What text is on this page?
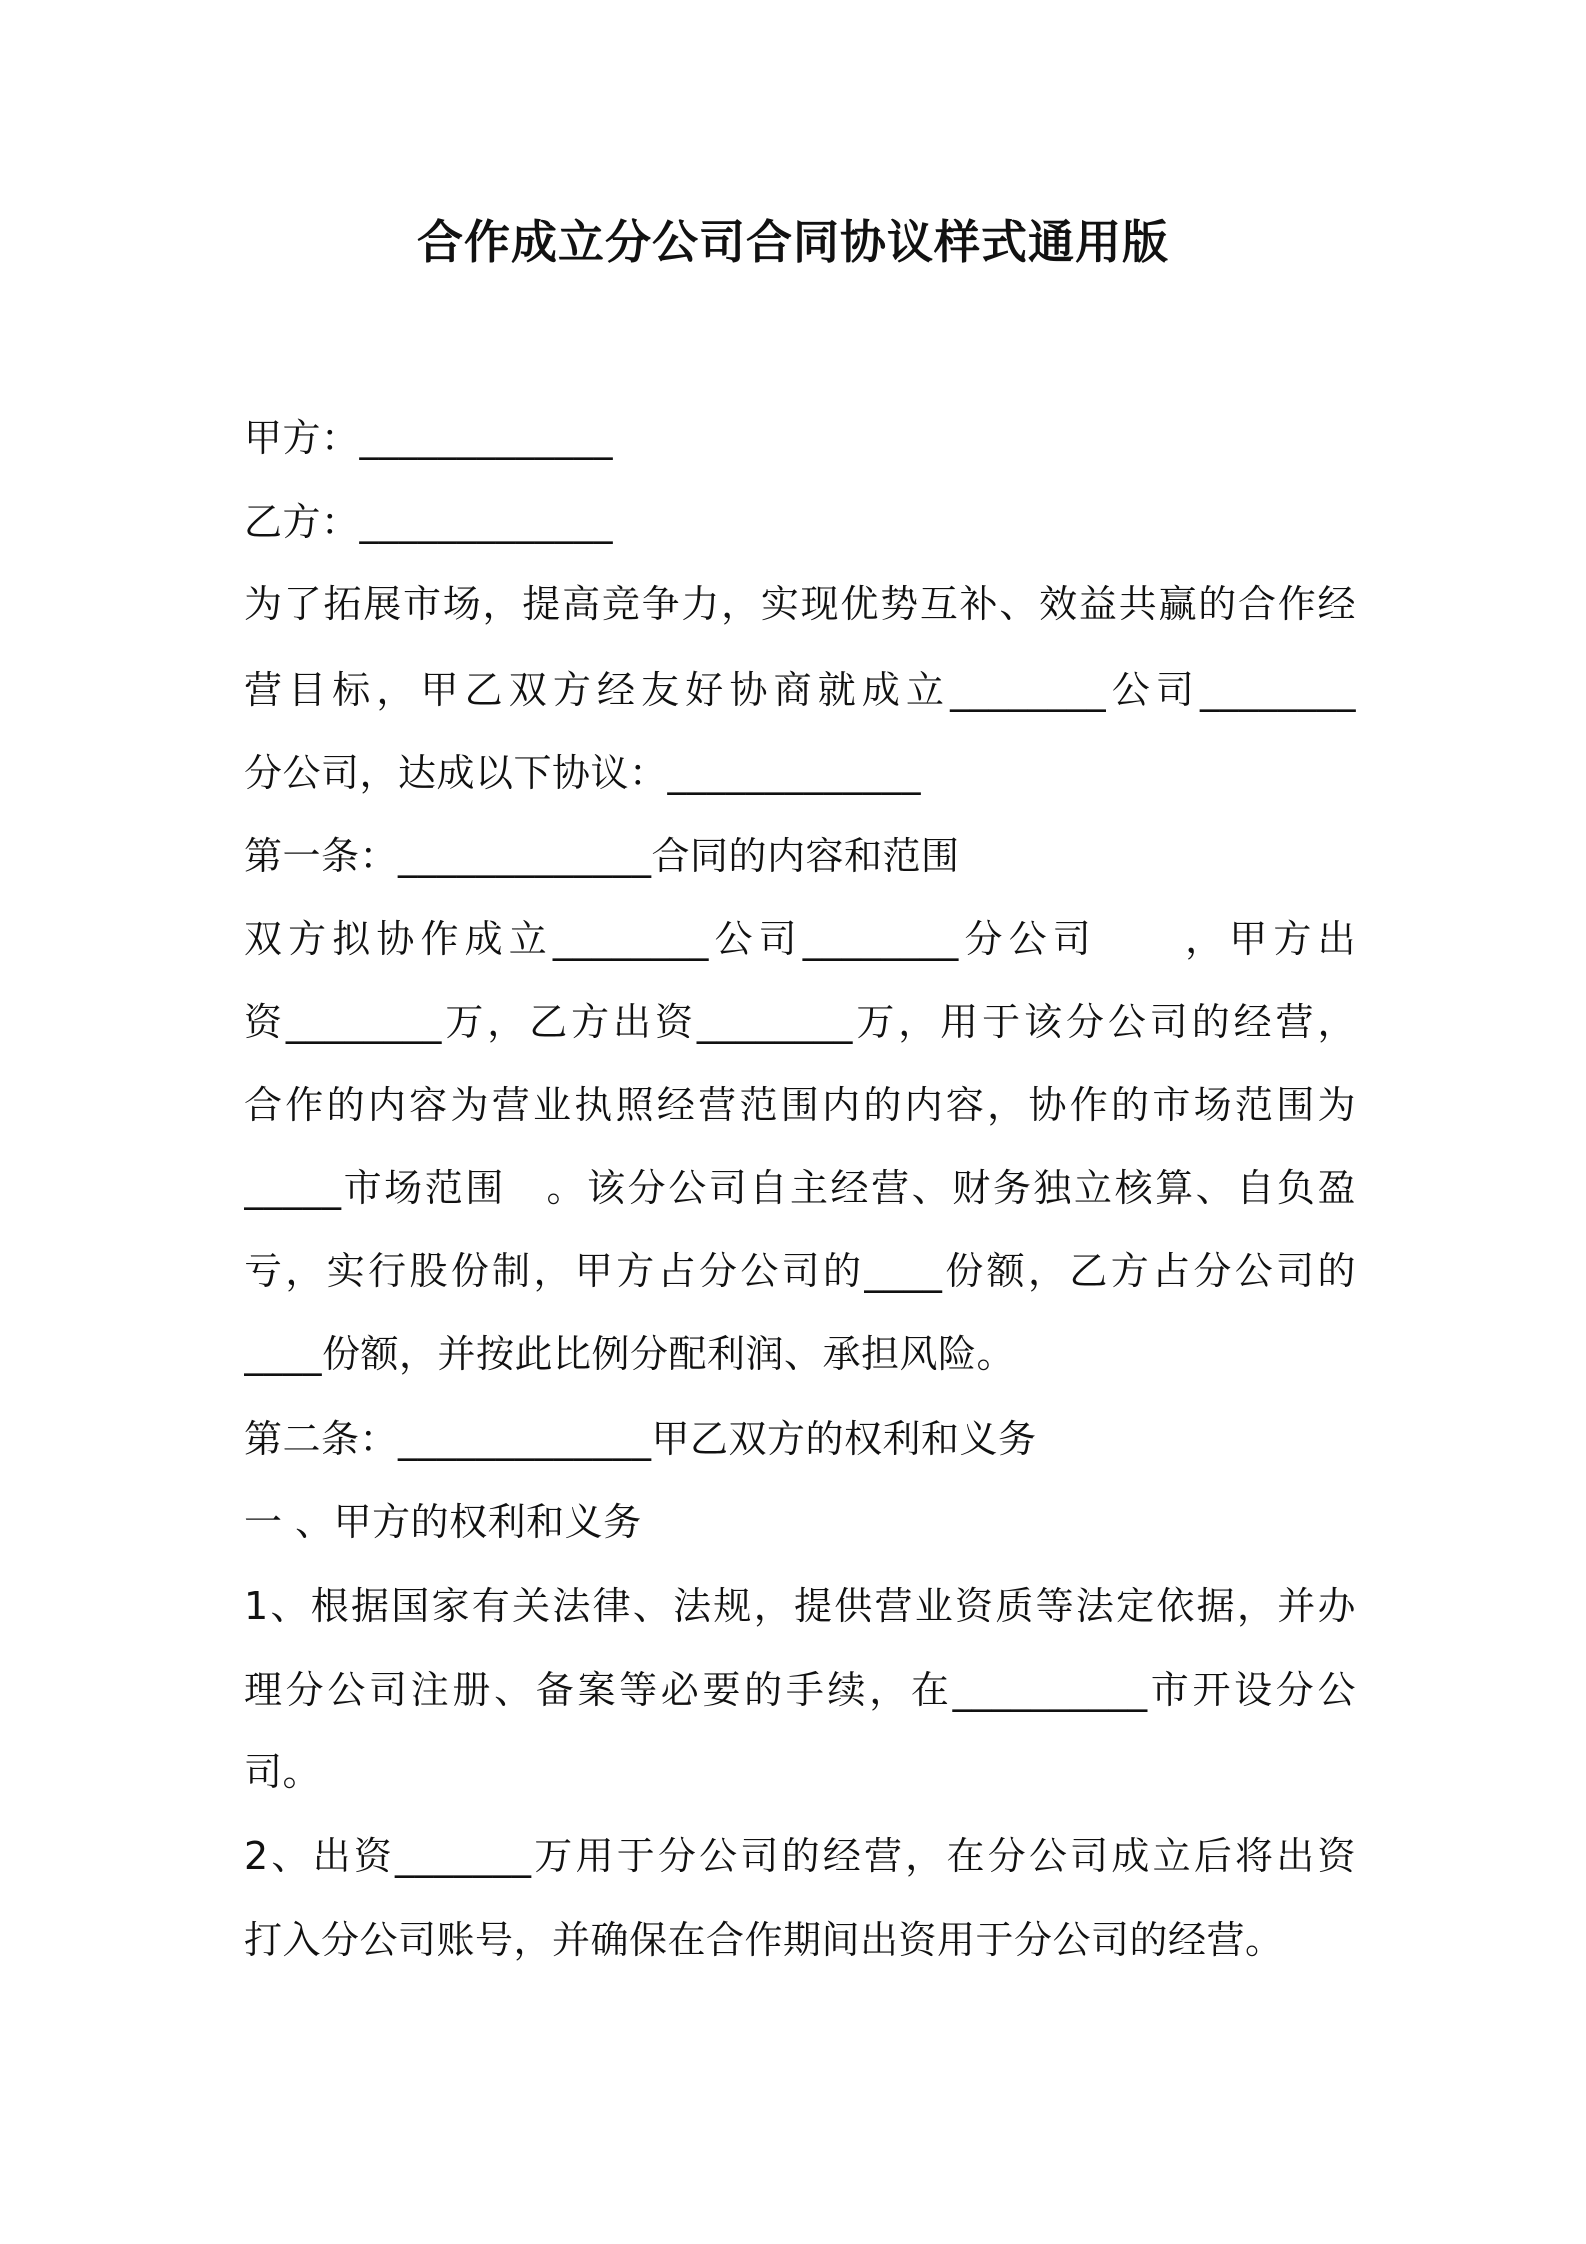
合作成立分公司合同协议样式通用版
甲方：_____________
乙方：_____________
为了拓展市场，提高竞争力，实现优势互补、效益共赢的合作经
营目标，甲乙双方经友好协商就成立________公司________
分公司，达成以下协议：_____________
第一条：_____________合同的内容和范围
双方拟协作成立________公司________分公司　　，甲方出
资________万，乙方出资________万，用于该分公司的经营，
合作的内容为营业执照经营范围内的内容，协作的市场范围为
_____市场范围　。该分公司自主经营、财务独立核算、自负盈
亏，实行股份制，甲方占分公司的____份额，乙方占分公司的
____份额，并按此比例分配利润、承担风险。
第二条：_____________甲乙双方的权利和义务
一 、甲方的权利和义务
1、根据国家有关法律、法规，提供营业资质等法定依据，并办
理分公司注册、备案等必要的手续，在__________市开设分公
司。
2、出资_______万用于分公司的经营，在分公司成立后将出资
打入分公司账号，并确保在合作期间出资用于分公司的经营。
